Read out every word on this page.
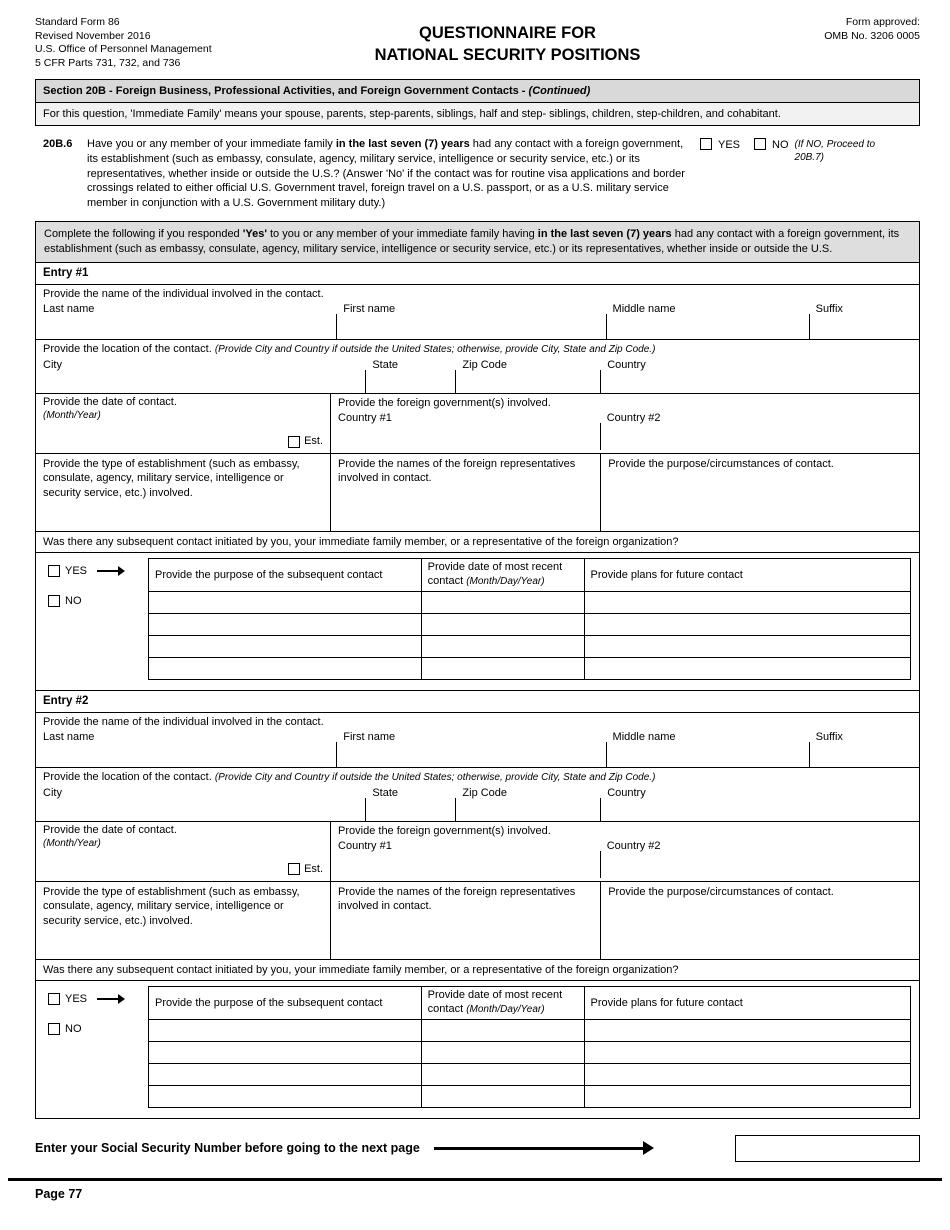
Standard Form 86
Revised November 2016
U.S. Office of Personnel Management
5 CFR Parts 731, 732, and 736
QUESTIONNAIRE FOR
NATIONAL SECURITY POSITIONS
Form approved:
OMB No. 3206 0005
Section 20B - Foreign Business, Professional Activities, and Foreign Government Contacts - (Continued)
For this question, 'Immediate Family' means your spouse, parents, step-parents, siblings, half and step- siblings, children, step-children, and cohabitant.
20B.6	Have you or any member of your immediate family in the last seven (7) years had any contact with a foreign government, its establishment (such as embassy, consulate, agency, military service, intelligence or security service, etc.) or its representatives, whether inside or outside the U.S.? (Answer 'No' if the contact was for routine visa applications and border crossings related to either official U.S. Government travel, foreign travel on a U.S. passport, or as a U.S. military service member in conjunction with a U.S. Government military duty.)
YES	NO (If NO, Proceed to 20B.7)
Complete the following if you responded 'Yes' to you or any member of your immediate family having in the last seven (7) years had any contact with a foreign government, its establishment (such as embassy, consulate, agency, military service, intelligence or security service, etc.) or its representatives, whether inside or outside the U.S.
Entry #1
Provide the name of the individual involved in the contact.
Last name	First name	Middle name	Suffix
Provide the location of the contact. (Provide City and Country if outside the United States; otherwise, provide City, State and Zip Code.)
City	State	Zip Code	Country
Provide the date of contact.
(Month/Year)
Est.
Provide the foreign government(s) involved.
Country #1	Country #2
Provide the type of establishment (such as embassy, consulate, agency, military service, intelligence or security service, etc.) involved.
Provide the names of the foreign representatives involved in contact.
Provide the purpose/circumstances of contact.
Was there any subsequent contact initiated by you, your immediate family member, or a representative of the foreign organization?
YES
NO
Provide the purpose of the subsequent contact
Provide date of most recent contact (Month/Day/Year)
Provide plans for future contact
Entry #2
Provide the name of the individual involved in the contact.
Last name	First name	Middle name	Suffix
Provide the location of the contact. (Provide City and Country if outside the United States; otherwise, provide City, State and Zip Code.)
City	State	Zip Code	Country
Provide the date of contact.
(Month/Year)
Est.
Provide the foreign government(s) involved.
Country #1	Country #2
Provide the type of establishment (such as embassy, consulate, agency, military service, intelligence or security service, etc.) involved.
Provide the names of the foreign representatives involved in contact.
Provide the purpose/circumstances of contact.
Was there any subsequent contact initiated by you, your immediate family member, or a representative of the foreign organization?
YES
NO
Provide the purpose of the subsequent contact
Provide date of most recent contact (Month/Day/Year)
Provide plans for future contact
Enter your Social Security Number before going to the next page
Page 77
